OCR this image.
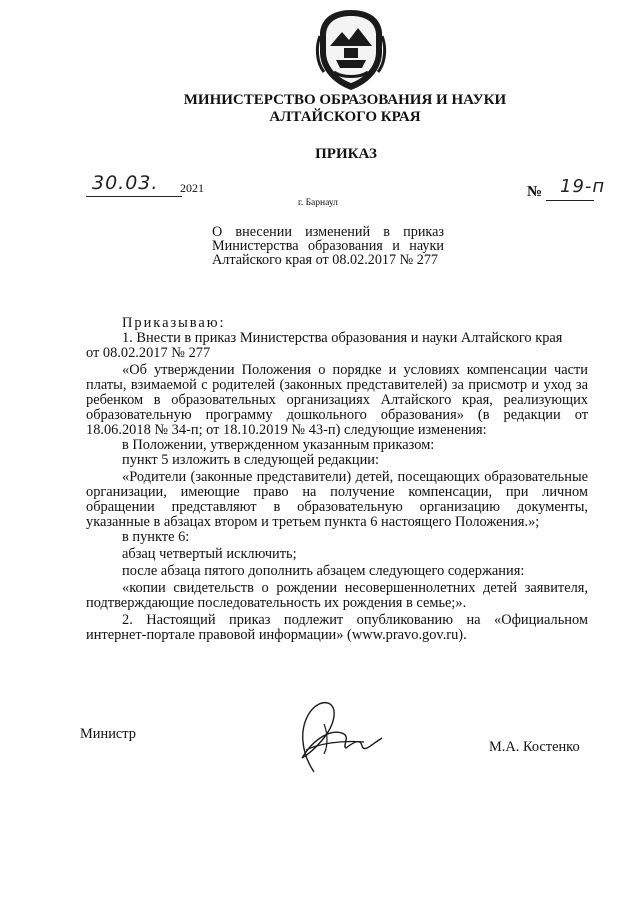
МИНИСТЕРСТВО ОБРАЗОВАНИЯ И НАУКИ
АЛТАЙСКОГО КРАЯ
ПРИКАЗ
30.03. 2021
г. Барнаул
№ 19-п
О внесении изменений в приказ Министерства образования и науки Алтайского края от 08.02.2017 № 277

Приказываю:

1. Внести в приказ Министерства образования и науки Алтайского края

от 08.02.2017 № 277

«Об утверждении Положения о порядке и условиях компенсации части платы, взимаемой с родителей (законных представителей) за присмотр и уход за ребенком в образовательных организациях Алтайского края, реализующих образовательную программу дошкольного образования» (в редакции от 18.06.2018 № 34-п; от 18.10.2019 № 43-п) следующие изменения:

в Положении, утвержденном указанным приказом:

пункт 5 изложить в следующей редакции:

«Родители (законные представители) детей, посещающих образовательные организации, имеющие право на получение компенсации, при личном обращении представляют в образовательную организацию документы, указанные в абзацах втором и третьем пункта 6 настоящего Положения.»;

в пункте 6:

абзац четвертый исключить;

после абзаца пятого дополнить абзацем следующего содержания:

«копии свидетельств о рождении несовершеннолетних детей заявителя, подтверждающие последовательность их рождения в семье;».

2. Настоящий приказ подлежит опубликованию на «Официальном интернет-портале правовой информации» (www.pravo.gov.ru).

Министр
М.А. Костенко
